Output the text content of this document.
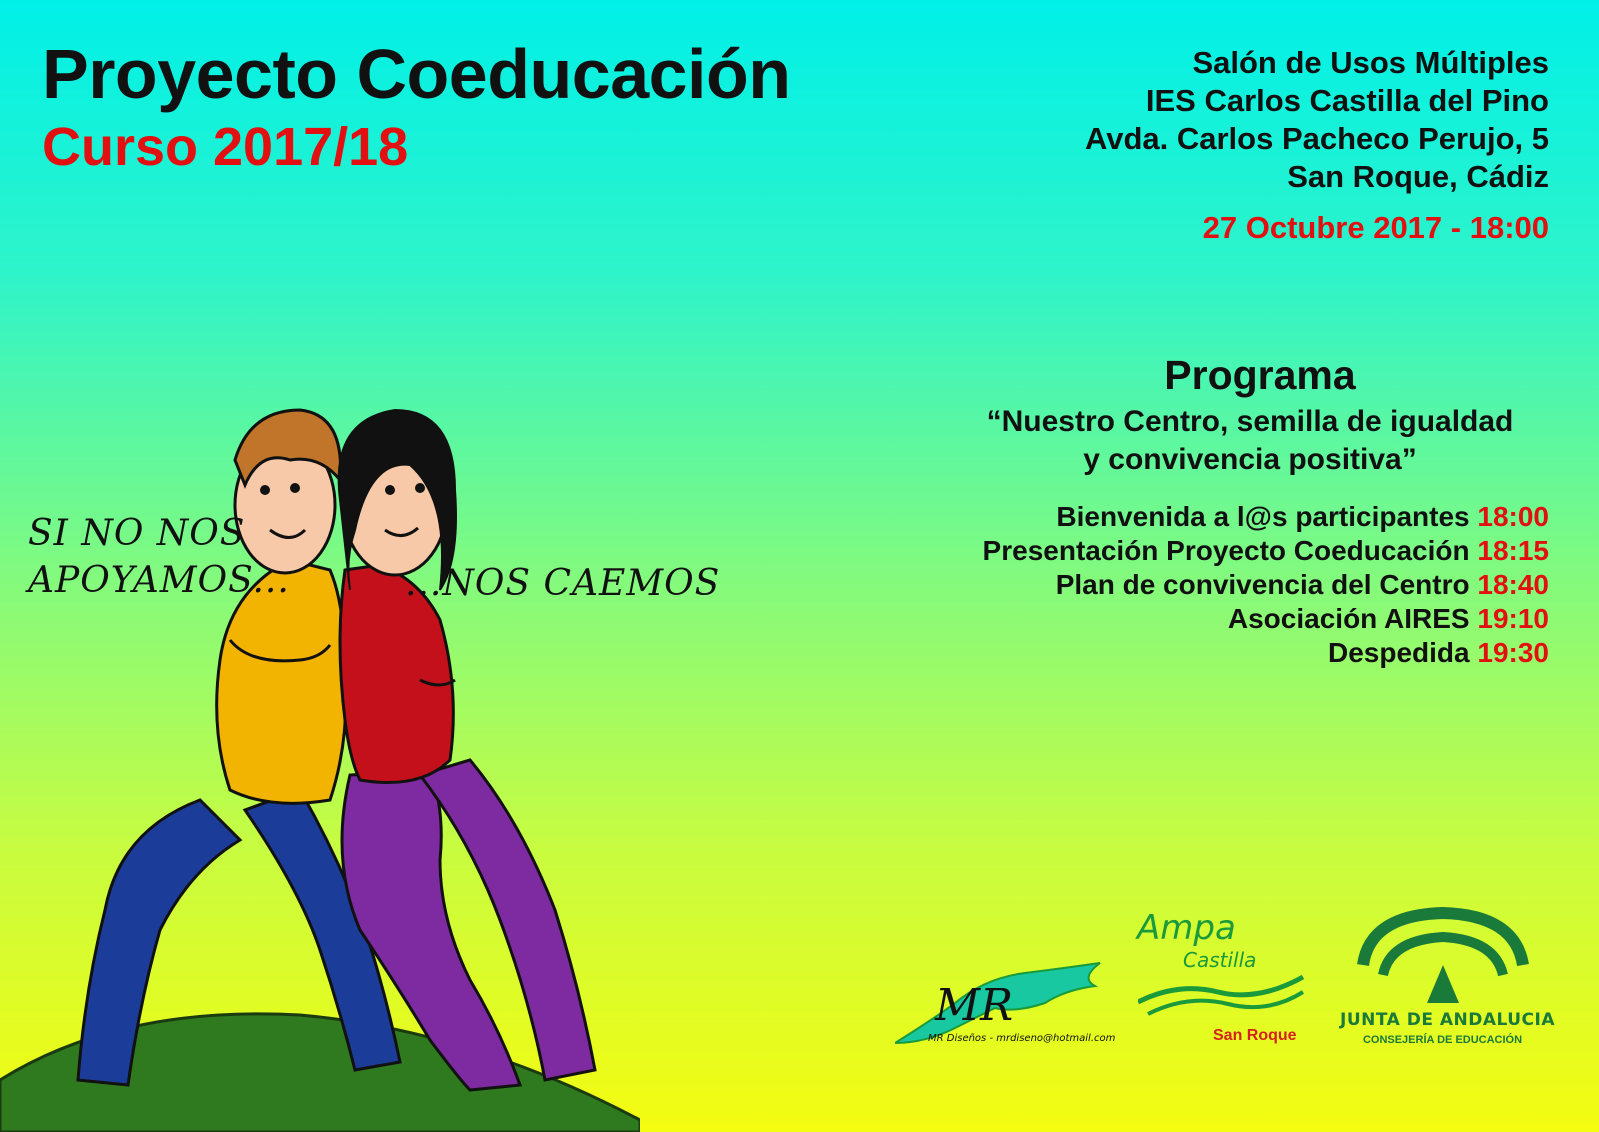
Proyecto Coeducación
Curso 2017/18
Salón de Usos Múltiples
IES Carlos Castilla del Pino
Avda. Carlos Pacheco Perujo, 5
San Roque, Cádiz
27 Octubre 2017 - 18:00
Programa
“Nuestro Centro, semilla de igualdad
y convivencia positiva”
Bienvenida a l@s participantes 18:00
Presentación Proyecto Coeducación 18:15
Plan de convivencia del Centro 18:40
Asociación AIRES 19:10
Despedida 19:30
SI NO NOS
APOYAMOS...	...NOS CAEMOS
MR
MR Diseños - mrdiseno@hotmail.com
Ampa
Castilla
San Roque
JUNTA DE ANDALUCIA
CONSEJERÍA DE EDUCACIÓN
